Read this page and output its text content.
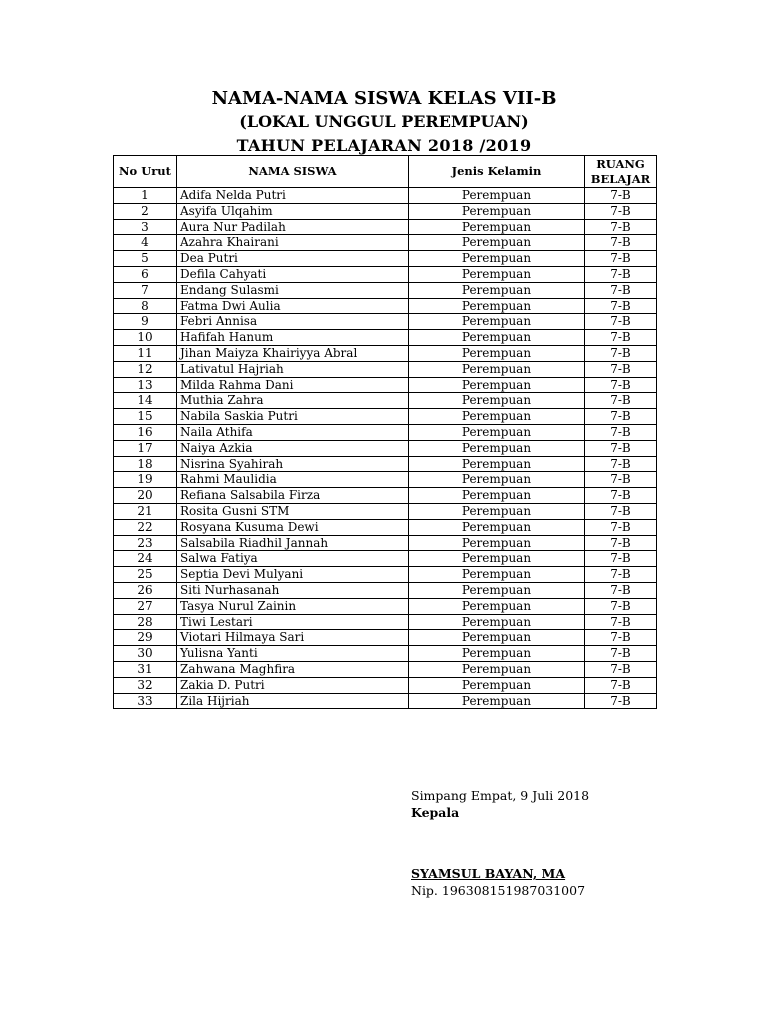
NAMA-NAMA SISWA KELAS VII-B
(LOKAL UNGGUL PEREMPUAN)
TAHUN PELAJARAN 2018 /2019
No Urut	NAMA SISWA	Jenis Kelamin	RUANG
BELAJAR

1	Adifa Nelda Putri	Perempuan	7-B
2	Asyifa Ulqahim	Perempuan	7-B
3	Aura Nur Padilah	Perempuan	7-B
4	Azahra Khairani	Perempuan	7-B
5	Dea Putri	Perempuan	7-B
6	Defila Cahyati	Perempuan	7-B
7	Endang Sulasmi	Perempuan	7-B
8	Fatma Dwi Aulia	Perempuan	7-B
9	Febri Annisa	Perempuan	7-B
10	Hafifah Hanum	Perempuan	7-B
11	Jihan Maiyza Khairiyya Abral	Perempuan	7-B
12	Lativatul Hajriah	Perempuan	7-B
13	Milda Rahma Dani	Perempuan	7-B
14	Muthia Zahra	Perempuan	7-B
15	Nabila Saskia Putri	Perempuan	7-B
16	Naila Athifa	Perempuan	7-B
17	Naiya Azkia	Perempuan	7-B
18	Nisrina Syahirah	Perempuan	7-B
19	Rahmi Maulidia	Perempuan	7-B
20	Refiana Salsabila Firza	Perempuan	7-B
21	Rosita Gusni STM	Perempuan	7-B
22	Rosyana Kusuma Dewi	Perempuan	7-B
23	Salsabila Riadhil Jannah	Perempuan	7-B
24	Salwa Fatiya	Perempuan	7-B
25	Septia Devi Mulyani	Perempuan	7-B
26	Siti Nurhasanah	Perempuan	7-B
27	Tasya Nurul Zainin	Perempuan	7-B
28	Tiwi Lestari	Perempuan	7-B
29	Viotari Hilmaya Sari	Perempuan	7-B
30	Yulisna Yanti	Perempuan	7-B
31	Zahwana Maghfira	Perempuan	7-B
32	Zakia D. Putri	Perempuan	7-B
33	Zila Hijriah	Perempuan	7-B
Simpang Empat, 9 Juli 2018
Kepala
SYAMSUL BAYAN, MA
Nip. 196308151987031007
